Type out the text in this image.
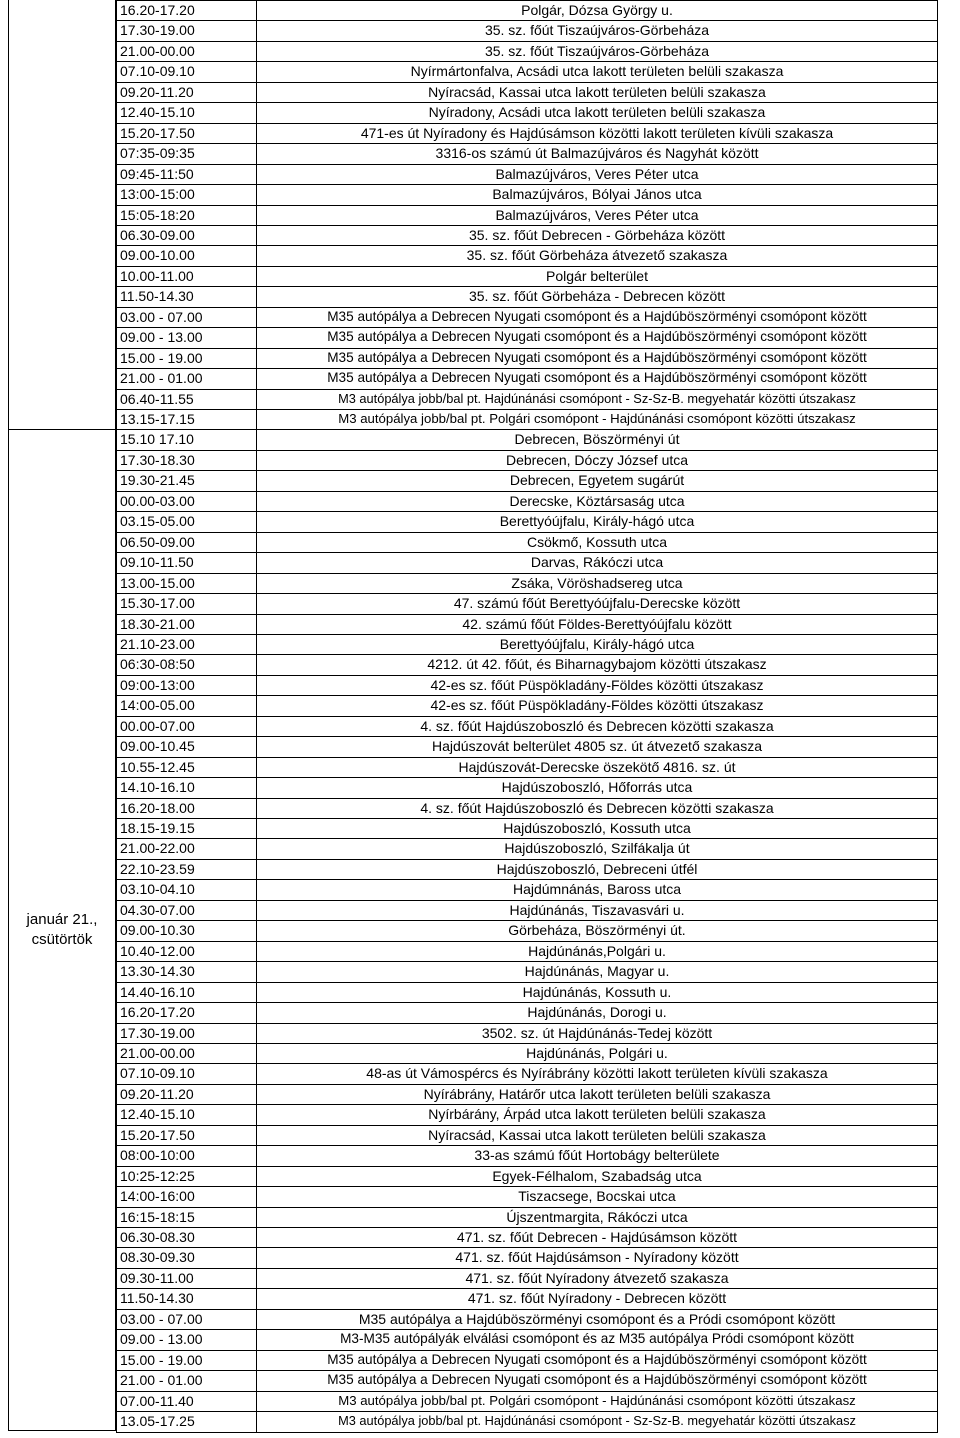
január 21.,
csütörtök
16.20-17.20	Polgár, Dózsa György u.
17.30-19.00	35. sz. főút Tiszaújváros-Görbeháza
21.00-00.00	35. sz. főút Tiszaújváros-Görbeháza
07.10-09.10	Nyírmártonfalva, Acsádi utca lakott területen belüli szakasza
09.20-11.20	Nyíracsád, Kassai utca lakott területen belüli szakasza
12.40-15.10	Nyíradony, Acsádi utca lakott területen belüli szakasza
15.20-17.50	471-es út Nyíradony és Hajdúsámson közötti lakott területen kívüli szakasza
07:35-09:35	3316-os számú út Balmazújváros és Nagyhát között
09:45-11:50	Balmazújváros, Veres Péter utca
13:00-15:00	Balmazújváros, Bólyai János utca
15:05-18:20	Balmazújváros, Veres Péter utca
06.30-09.00	35. sz. főút Debrecen - Görbeháza között
09.00-10.00	35. sz. főút Görbeháza átvezető szakasza
10.00-11.00	Polgár belterület
11.50-14.30	35. sz. főút Görbeháza - Debrecen között
03.00 - 07.00	M35 autópálya a Debrecen Nyugati csomópont és a Hajdúböszörményi csomópont között
09.00 - 13.00	M35 autópálya a Debrecen Nyugati csomópont és a Hajdúböszörményi csomópont között
15.00 - 19.00	M35 autópálya a Debrecen Nyugati csomópont és a Hajdúböszörményi csomópont között
21.00 - 01.00	M35 autópálya a Debrecen Nyugati csomópont és a Hajdúböszörményi csomópont között
06.40-11.55	M3 autópálya jobb/bal pt. Hajdúnánási csomópont - Sz-Sz-B. megyehatár közötti útszakasz
13.15-17.15	M3 autópálya jobb/bal pt. Polgári csomópont - Hajdúnánási csomópont közötti útszakasz
15.10 17.10	Debrecen, Böszörményi út
17.30-18.30	Debrecen, Dóczy József utca
19.30-21.45	Debrecen, Egyetem sugárút
00.00-03.00	Derecske, Köztársaság utca
03.15-05.00	Berettyóújfalu, Király-hágó utca
06.50-09.00	Csökmő, Kossuth utca
09.10-11.50	Darvas, Rákóczi utca
13.00-15.00	Zsáka, Vöröshadsereg utca
15.30-17.00	47. számú főút Berettyóújfalu-Derecske között
18.30-21.00	42. számú főút Földes-Berettyóújfalu között
21.10-23.00	Berettyóújfalu, Király-hágó utca
06:30-08:50	4212. út 42. főút, és Biharnagybajom közötti útszakasz
09:00-13:00	42-es sz. főút Püspökladány-Földes közötti útszakasz
14:00-05.00	42-es sz. főút Püspökladány-Földes közötti útszakasz
00.00-07.00	4. sz. főút Hajdúszoboszló és Debrecen közötti szakasza
09.00-10.45	Hajdúszovát belterület 4805 sz. út átvezető szakasza
10.55-12.45	Hajdúszovát-Derecske öszekötő 4816. sz. út
14.10-16.10	Hajdúszoboszló, Hőforrás utca
16.20-18.00	4. sz. főút Hajdúszoboszló és Debrecen közötti szakasza
18.15-19.15	Hajdúszoboszló, Kossuth utca
21.00-22.00	Hajdúszoboszló, Szilfákalja út
22.10-23.59	Hajdúszoboszló, Debreceni útfél
03.10-04.10	Hajdúmnánás, Baross utca
04.30-07.00	Hajdúnánás, Tiszavasvári u.
09.00-10.30	Görbeháza, Böszörményi út.
10.40-12.00	Hajdúnánás,Polgári u.
13.30-14.30	Hajdúnánás, Magyar u.
14.40-16.10	Hajdúnánás, Kossuth u.
16.20-17.20	Hajdúnánás, Dorogi u.
17.30-19.00	3502. sz. út Hajdúnánás-Tedej között
21.00-00.00	Hajdúnánás, Polgári u.
07.10-09.10	48-as út Vámospércs és Nyírábrány közötti lakott területen kívüli szakasza
09.20-11.20	Nyírábrány, Határőr utca lakott területen belüli szakasza
12.40-15.10	Nyírbárány, Árpád utca lakott területen belüli szakasza
15.20-17.50	Nyíracsád, Kassai utca lakott területen belüli szakasza
08:00-10:00	33-as számú főút Hortobágy belterülete
10:25-12:25	Egyek-Félhalom, Szabadság utca
14:00-16:00	Tiszacsege, Bocskai utca
16:15-18:15	Újszentmargita, Rákóczi utca
06.30-08.30	471. sz. főút Debrecen - Hajdúsámson között
08.30-09.30	471. sz. főút Hajdúsámson - Nyíradony között
09.30-11.00	471. sz. főút Nyíradony átvezető szakasza
11.50-14.30	471. sz. főút Nyíradony - Debrecen között
03.00 - 07.00	M35 autópálya a Hajdúböszörményi csomópont és a Pródi csomópont között
09.00 - 13.00	M3-M35 autópályák elválási csomópont és az M35 autópálya Pródi csomópont között
15.00 - 19.00	M35 autópálya a Debrecen Nyugati csomópont és a Hajdúböszörményi csomópont között
21.00 - 01.00	M35 autópálya a Debrecen Nyugati csomópont és a Hajdúböszörményi csomópont között
07.00-11.40	M3 autópálya jobb/bal pt. Polgári csomópont - Hajdúnánási csomópont közötti útszakasz
13.05-17.25	M3 autópálya jobb/bal pt. Hajdúnánási csomópont - Sz-Sz-B. megyehatár közötti útszakasz
